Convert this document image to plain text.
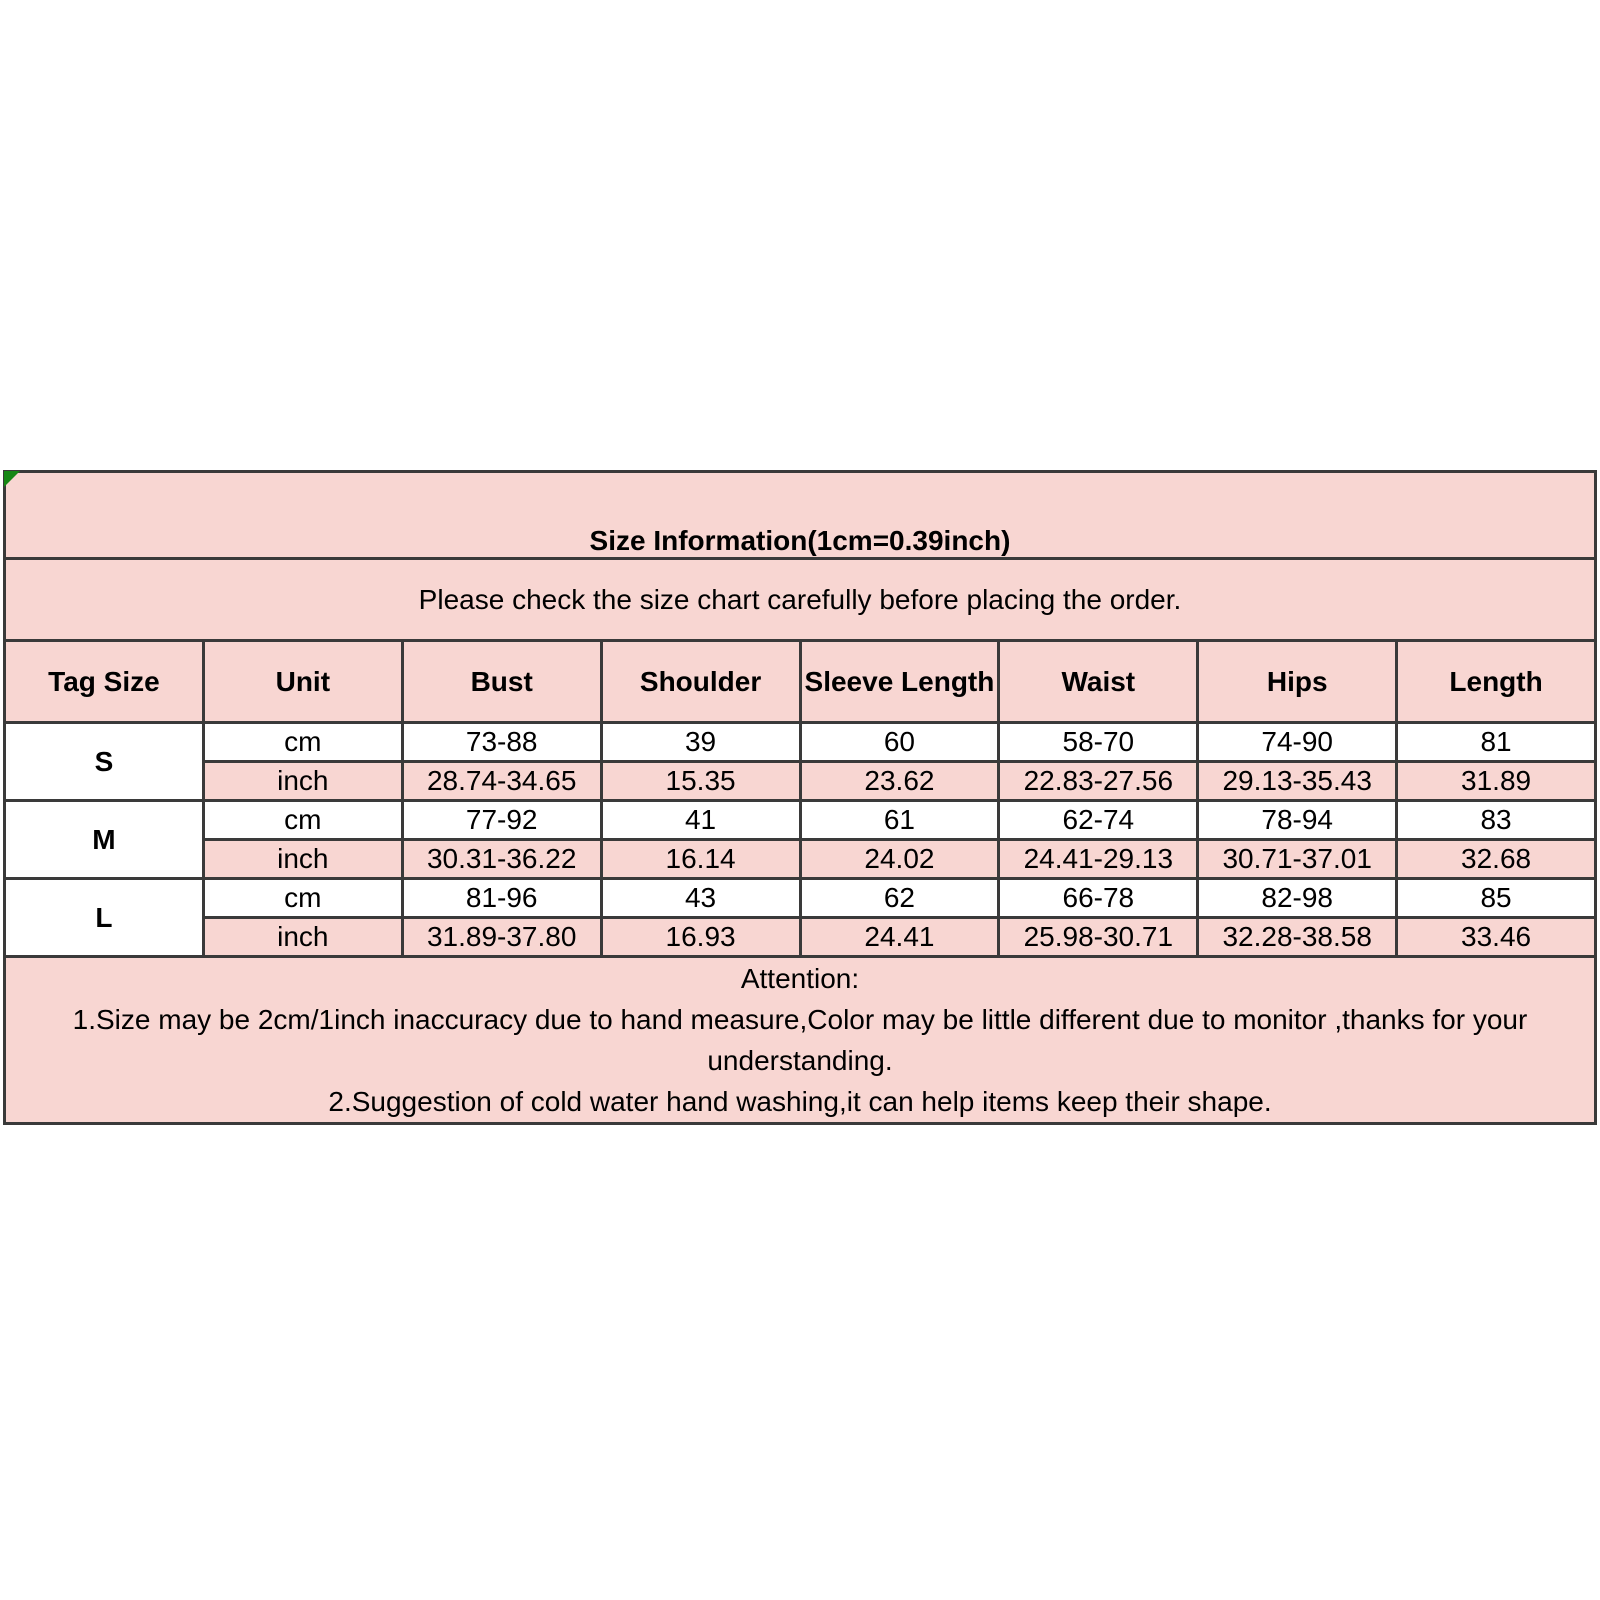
Size Information(1cm=0.39inch)							
Please check the size chart carefully before placing the order.							
Tag Size	Unit	Bust	Shoulder	Sleeve Length	Waist	Hips	Length
S	cm	73-88	39	60	58-70	74-90	81
	inch	28.74-34.65	15.35	23.62	22.83-27.56	29.13-35.43	31.89
M	cm	77-92	41	61	62-74	78-94	83
	inch	30.31-36.22	16.14	24.02	24.41-29.13	30.71-37.01	32.68
L	cm	81-96	43	62	66-78	82-98	85
	inch	31.89-37.80	16.93	24.41	25.98-30.71	32.28-38.58	33.46

Attention:
1.Size may be 2cm/1inch inaccuracy due to hand measure,Color may be little different due to monitor ,thanks for your
understanding.
2.Suggestion of cold water hand washing,it can help items keep their shape.							
